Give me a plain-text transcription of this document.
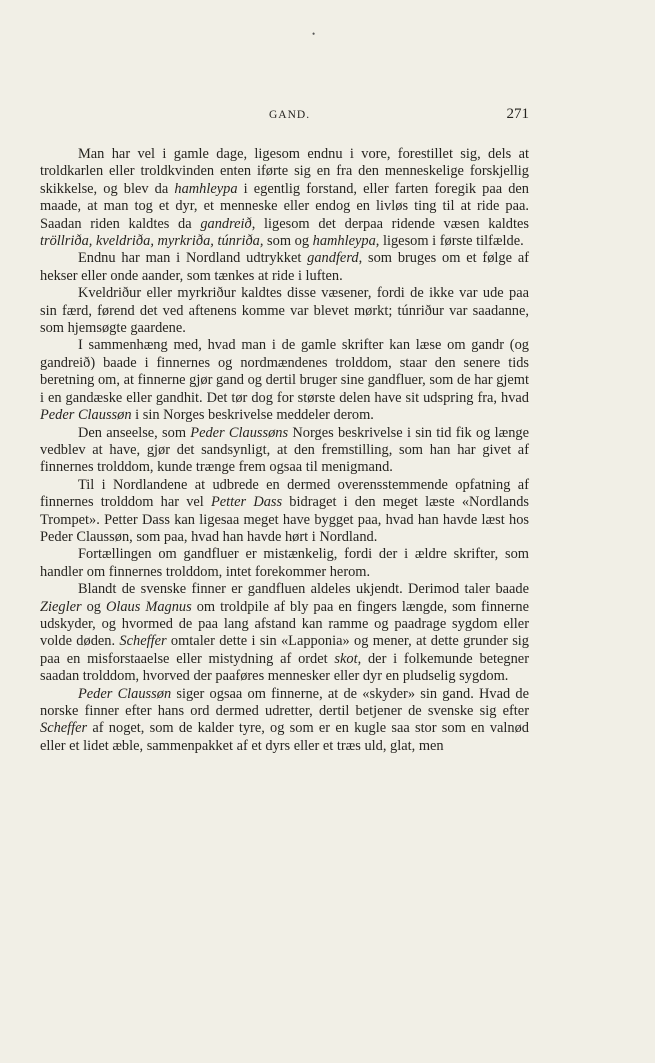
•
GAND.	271

Man har vel i gamle dage, ligesom endnu i vore, forestillet sig, dels at troldkarlen eller troldkvinden enten iførte sig en fra den menneskelige forskjellig skikkelse, og blev da hamhleypa i egentlig forstand, eller farten foregik paa den maade, at man tog et dyr, et menneske eller endog en livløs ting til at ride paa. Saadan riden kaldtes da gandreið, ligesom det derpaa ridende væsen kaldtes tröllriða, kveldriða, myrkriða, túnriða, som og hamhleypa, ligesom i første tilfælde.

Endnu har man i Nordland udtrykket gandferd, som bruges om et følge af hekser eller onde aander, som tænkes at ride i luften.

Kveldriður eller myrkriður kaldtes disse væsener, fordi de ikke var ude paa sin færd, førend det ved aftenens komme var blevet mørkt; túnriður var saadanne, som hjemsøgte gaardene.

I sammenhæng med, hvad man i de gamle skrifter kan læse om gandr (og gandreið) baade i finnernes og nordmændenes trolddom, staar den senere tids beretning om, at finnerne gjør gand og dertil bruger sine gandfluer, som de har gjemt i en gandæske eller gandhit. Det tør dog for største delen have sit udspring fra, hvad Peder Claussøn i sin Norges beskrivelse meddeler derom.

Den anseelse, som Peder Claussøns Norges beskrivelse i sin tid fik og længe vedblev at have, gjør det sandsynligt, at den fremstilling, som han har givet af finnernes trolddom, kunde trænge frem ogsaa til menigmand.

Til i Nordlandene at udbrede en dermed overensstemmende opfatning af finnernes trolddom har vel Petter Dass bidraget i den meget læste «Nordlands Trompet». Petter Dass kan ligesaa meget have bygget paa, hvad han havde læst hos Peder Claussøn, som paa, hvad han havde hørt i Nordland.

Fortællingen om gandfluer er mistænkelig, fordi der i ældre skrifter, som handler om finnernes trolddom, intet forekommer herom.

Blandt de svenske finner er gandfluen aldeles ukjendt. Derimod taler baade Ziegler og Olaus Magnus om troldpile af bly paa en fingers længde, som finnerne udskyder, og hvormed de paa lang afstand kan ramme og paadrage sygdom eller volde døden. Scheffer omtaler dette i sin «Lapponia» og mener, at dette grunder sig paa en misforstaaelse eller mistydning af ordet skot, der i folkemunde betegner saadan trolddom, hvorved der paaføres mennesker eller dyr en pludselig sygdom.

Peder Claussøn siger ogsaa om finnerne, at de «skyder» sin gand. Hvad de norske finner efter hans ord dermed udretter, dertil betjener de svenske sig efter Scheffer af noget, som de kalder tyre, og som er en kugle saa stor som en valnød eller et lidet æble, sammenpakket af et dyrs eller et træs uld, glat, men
